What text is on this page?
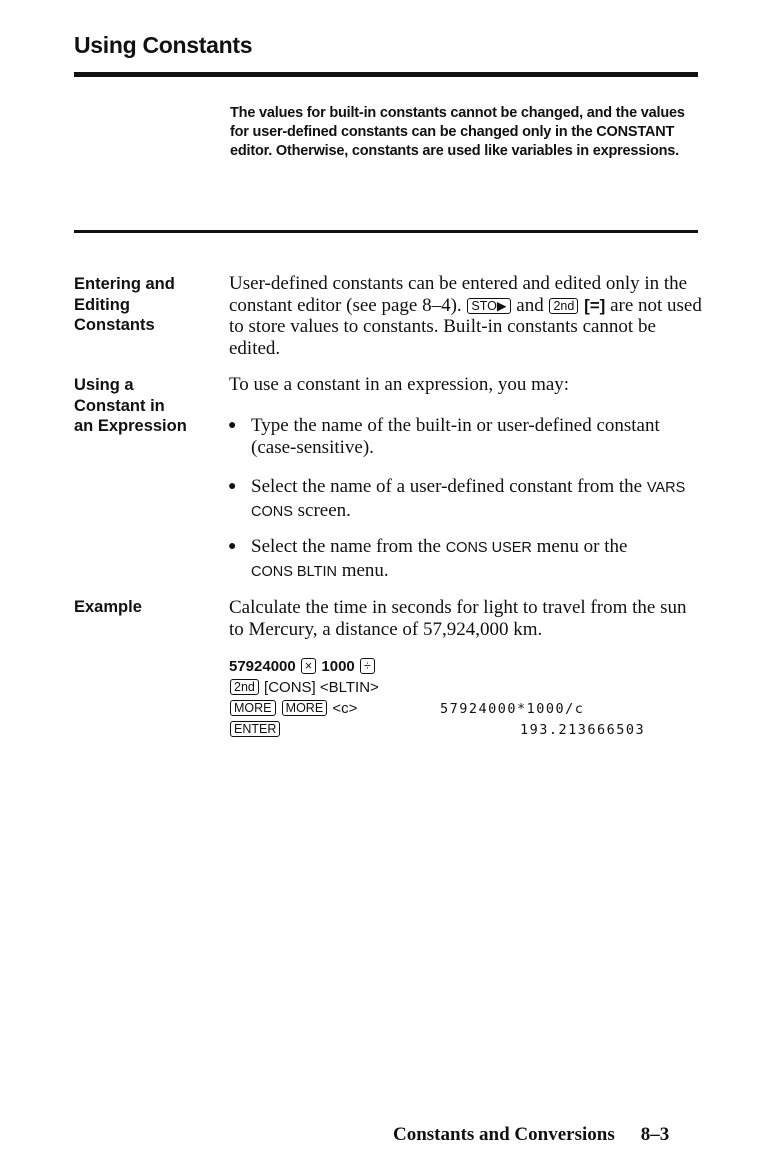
Using Constants
The values for built-in constants cannot be changed, and the values for user-defined constants can be changed only in the CONSTANT editor. Otherwise, constants are used like variables in expressions.
Entering and
Editing
Constants
User-defined constants can be entered and edited only in the constant editor (see page 8–4). STO▶ and 2nd [=] are not used to store values to constants. Built-in constants cannot be edited.
Using a
Constant in
an Expression
To use a constant in an expression, you may:
● Type the name of the built-in or user-defined constant (case-sensitive).
● Select the name of a user-defined constant from the VARS CONS screen.
● Select the name from the CONS USER menu or the
CONS BLTIN menu.
Example	Calculate the time in seconds for light to travel from the sun to Mercury, a distance of 57,924,000 km.
57924000 × 1000 ÷
2nd [CONS] <BLTIN>
MORE MORE <c>	57924000*1000/c
ENTER	193.213666503
Constants and Conversions 8–3
